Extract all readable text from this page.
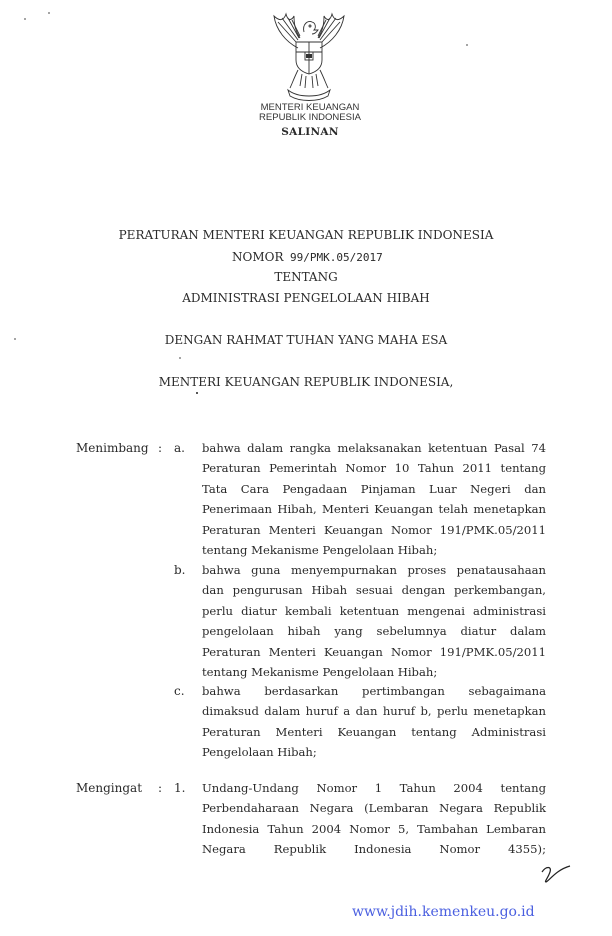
MENTERI KEUANGAN
REPUBLIK INDONESIA
SALINAN
PERATURAN MENTERI KEUANGAN REPUBLIK INDONESIA
NOMOR 99/PMK.05/2017
TENTANG
ADMINISTRASI PENGELOLAAN HIBAH
DENGAN RAHMAT TUHAN YANG MAHA ESA
MENTERI KEUANGAN REPUBLIK INDONESIA,
Menimbang : a. bahwa dalam rangka melaksanakan ketentuan Pasal 74
Peraturan Pemerintah Nomor 10 Tahun 2011 tentang
Tata Cara Pengadaan Pinjaman Luar Negeri dan
Penerimaan Hibah, Menteri Keuangan telah menetapkan
Peraturan Menteri Keuangan Nomor 191/PMK.05/2011
tentang Mekanisme Pengelolaan Hibah;
b. bahwa guna menyempurnakan proses penatausahaan
dan pengurusan Hibah sesuai dengan perkembangan,
perlu diatur kembali ketentuan mengenai administrasi
pengelolaan hibah yang sebelumnya diatur dalam
Peraturan Menteri Keuangan Nomor 191/PMK.05/2011
tentang Mekanisme Pengelolaan Hibah;
c. bahwa berdasarkan pertimbangan sebagaimana
dimaksud dalam huruf a dan huruf b, perlu menetapkan
Peraturan Menteri Keuangan tentang Administrasi
Pengelolaan Hibah;
Mengingat : 1. Undang-Undang Nomor 1 Tahun 2004 tentang
Perbendaharaan Negara (Lembaran Negara Republik
Indonesia Tahun 2004 Nomor 5, Tambahan Lembaran
Negara Republik Indonesia Nomor 4355);
www.jdih.kemenkeu.go.id
